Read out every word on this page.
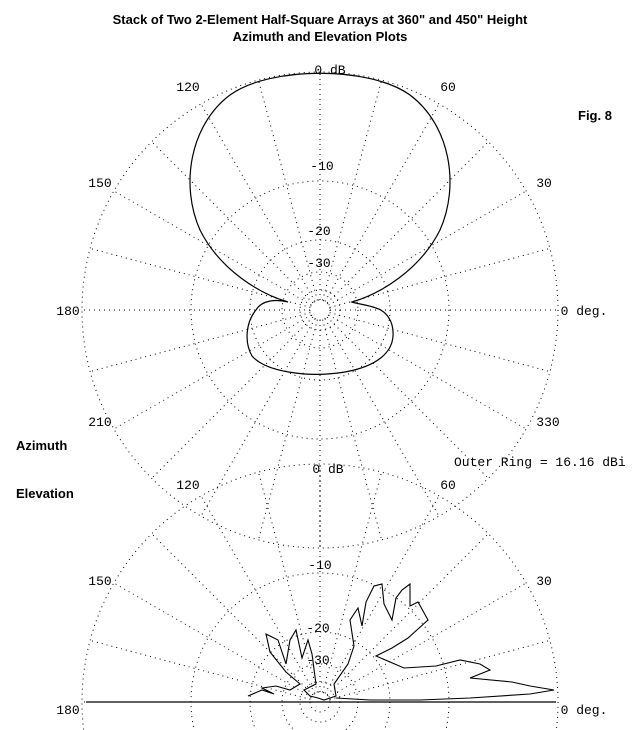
Stack of Two 2-Element Half-Square Arrays at 360" and 450" Height
Azimuth and Elevation Plots
Fig. 8
Azimuth
Elevation
Outer Ring = 16.16 dBi
0 dB
-10
-20
-30
120	60
150	30
180	0 deg.
210	330
0 dB
-10
-20
-30
120	60
150	30
180	0 deg.
